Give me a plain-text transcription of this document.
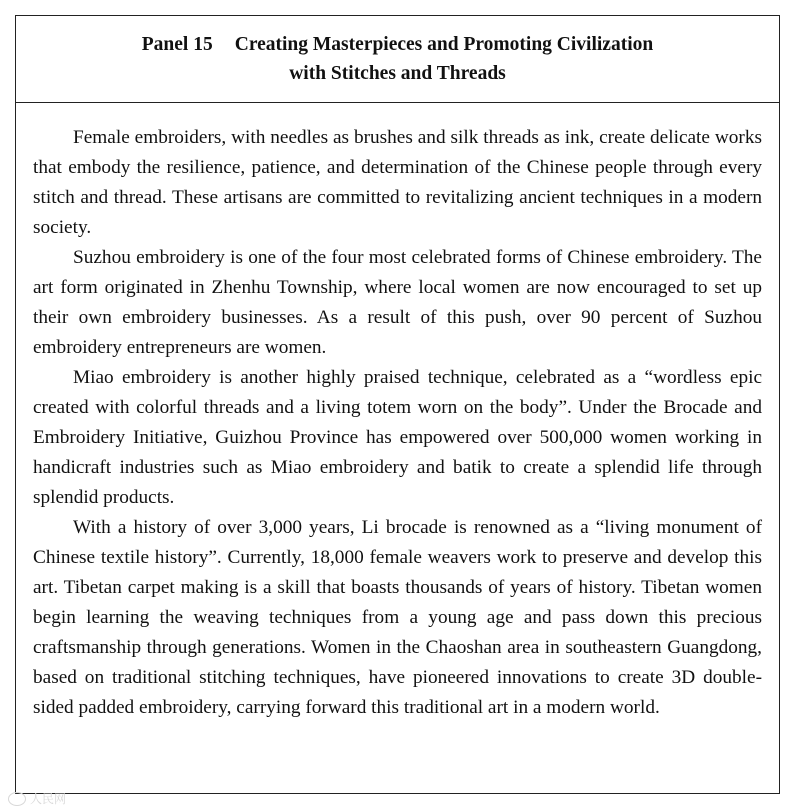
Panel 15 Creating Masterpieces and Promoting Civilization
with Stitches and Threads

Female embroiders, with needles as brushes and silk threads as ink, create delicate works that embody the resilience, patience, and determination of the Chinese people through every stitch and thread. These artisans are committed to revitalizing ancient techniques in a modern society.

Suzhou embroidery is one of the four most celebrated forms of Chinese embroidery. The art form originated in Zhenhu Township, where local women are now encouraged to set up their own embroidery businesses. As a result of this push, over 90 percent of Suzhou embroidery entrepreneurs are women.

Miao embroidery is another highly praised technique, celebrated as a “wordless epic created with colorful threads and a living totem worn on the body”. Under the Brocade and Embroidery Initiative, Guizhou Province has empowered over 500,000 women working in handicraft industries such as Miao embroidery and batik to create a splendid life through splendid products.

With a history of over 3,000 years, Li brocade is renowned as a “living monument of Chinese textile history”. Currently, 18,000 female weavers work to preserve and develop this art. Tibetan carpet making is a skill that boasts thousands of years of history. Tibetan women begin learning the weaving techniques from a young age and pass down this precious craftsmanship through generations. Women in the Chaoshan area in southeastern Guangdong, based on traditional stitching techniques, have pioneered innovations to create 3D double-sided padded embroidery, carrying forward this traditional art in a modern world.

人民网
